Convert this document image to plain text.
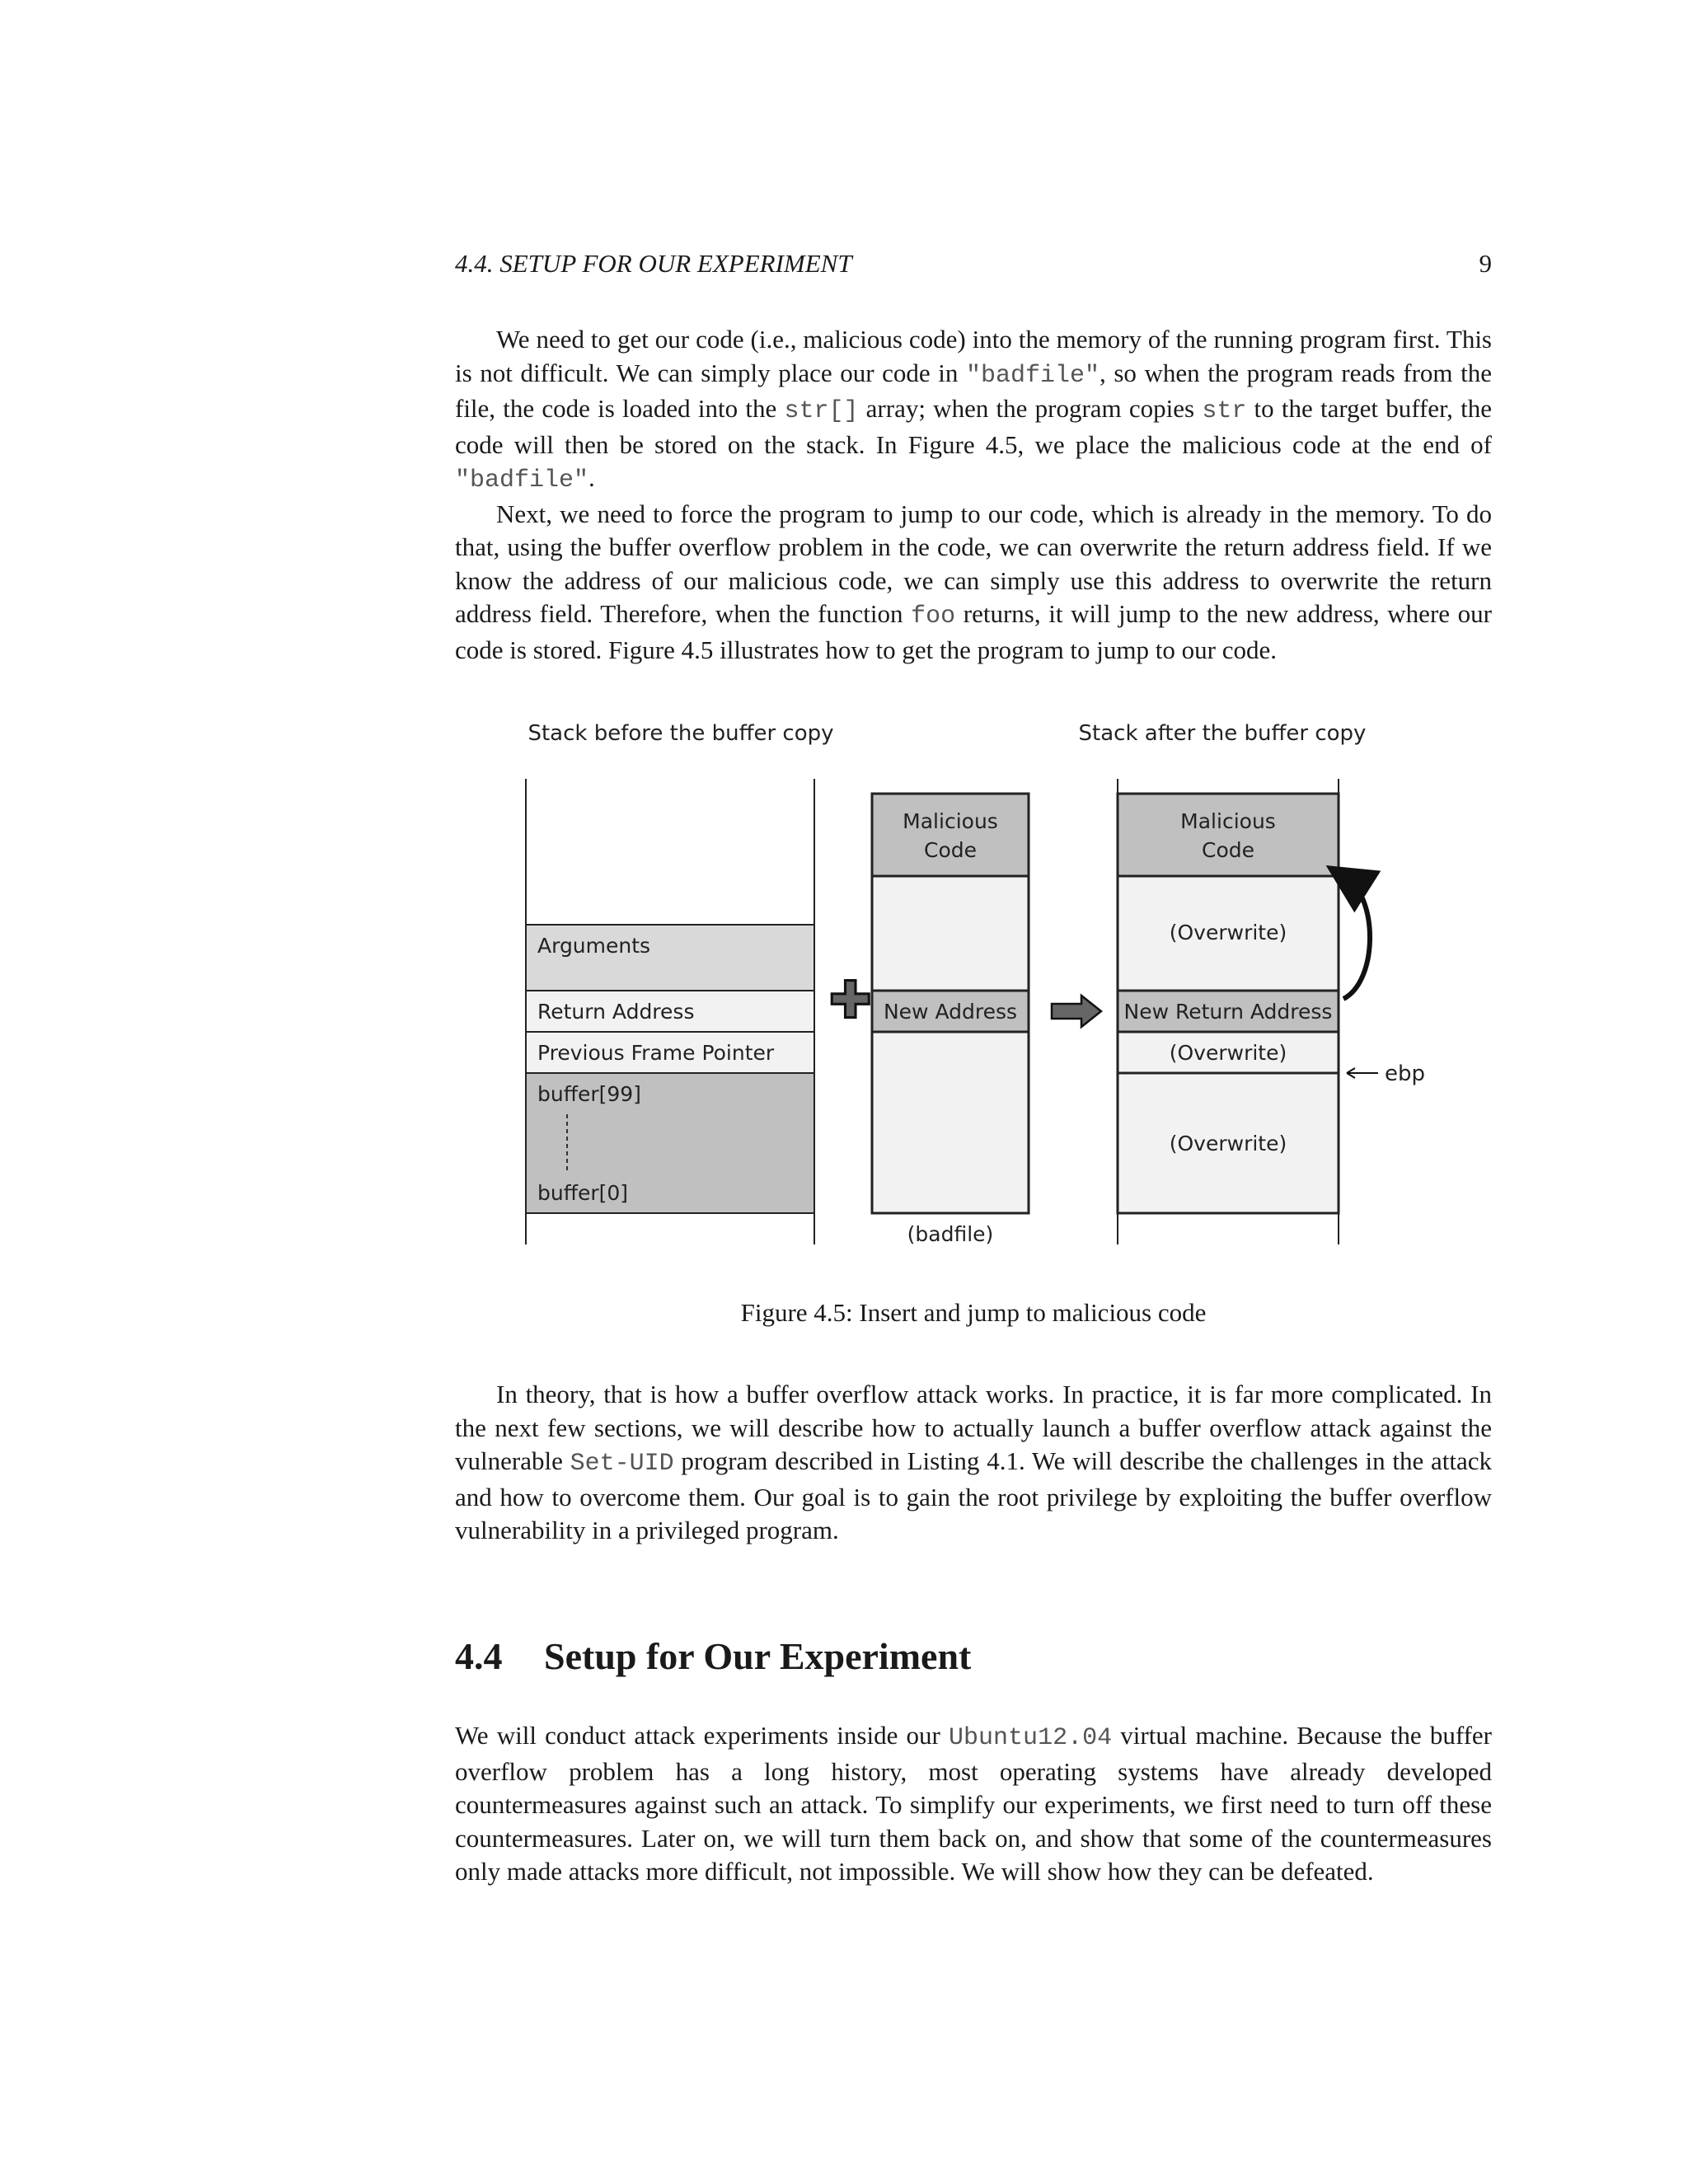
4.4. SETUP FOR OUR EXPERIMENT	9

We need to get our code (i.e., malicious code) into the memory of the running program first. This is not difficult. We can simply place our code in "badfile", so when the program reads from the file, the code is loaded into the str[] array; when the program copies str to the target buffer, the code will then be stored on the stack. In Figure 4.5, we place the malicious code at the end of "badfile".

Next, we need to force the program to jump to our code, which is already in the memory. To do that, using the buffer overflow problem in the code, we can overwrite the return address field. If we know the address of our malicious code, we can simply use this address to overwrite the return address field. Therefore, when the function foo returns, it will jump to the new address, where our code is stored. Figure 4.5 illustrates how to get the program to jump to our code.

Stack before the buffer copy	Stack after the buffer copy
Arguments
Return Address
Previous Frame Pointer
buffer[99]
buffer[0]
Malicious
Code
New Address
(badfile)
Malicious
Code
(Overwrite)
New Return Address
(Overwrite)
(Overwrite)
ebp
Figure 4.5: Insert and jump to malicious code

In theory, that is how a buffer overflow attack works. In practice, it is far more complicated. In the next few sections, we will describe how to actually launch a buffer overflow attack against the vulnerable Set-UID program described in Listing 4.1. We will describe the challenges in the attack and how to overcome them. Our goal is to gain the root privilege by exploiting the buffer overflow vulnerability in a privileged program.

4.4 Setup for Our Experiment

We will conduct attack experiments inside our Ubuntu12.04 virtual machine. Because the buffer overflow problem has a long history, most operating systems have already developed countermeasures against such an attack. To simplify our experiments, we first need to turn off these countermeasures. Later on, we will turn them back on, and show that some of the countermeasures only made attacks more difficult, not impossible. We will show how they can be defeated.
